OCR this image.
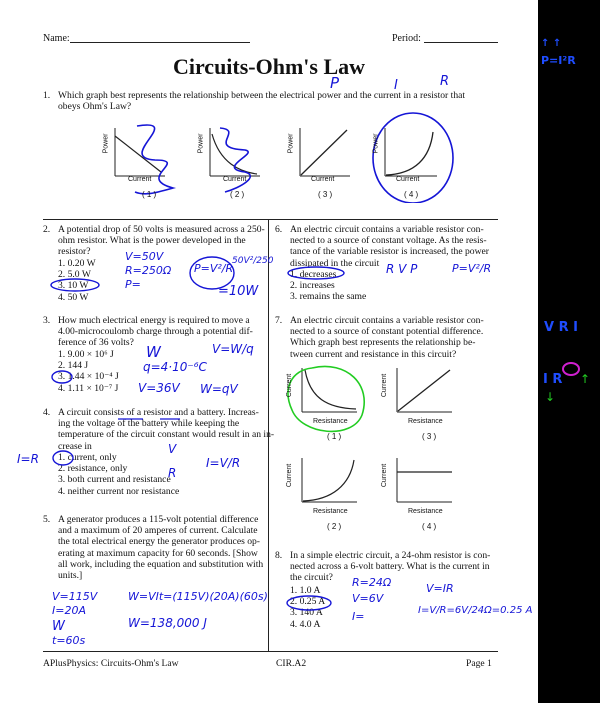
Name:	Period:
Circuits-Ohm's Law
1. Which graph best represents the relationship between the electrical power and the current in a resistor that
obeys Ohm's Law?
Power
Current
( 1 )
Power
Current
( 2 )
Power
Current
( 3 )
Power
Current
( 4 )
2. A potential drop of 50 volts is measured across a 250-
ohm resistor. What is the power developed in the
resistor?
1. 0.20 W
2. 5.0 W
3. 10 W
4. 50 W
3. How much electrical energy is required to move a
4.00-microcoulomb charge through a potential dif-
ference of 36 volts?
1. 9.00 × 10⁶ J
2. 144 J
3. 1.44 × 10⁻⁴ J
4. 1.11 × 10⁻⁷ J
4. A circuit consists of a resistor and a battery. Increas-
ing the voltage of the battery while keeping the
temperature of the circuit constant would result in an in-
crease in
1. current, only
2. resistance, only
3. both current and resistance
4. neither current nor resistance
5. A generator produces a 115-volt potential difference
and a maximum of 20 amperes of current. Calculate
the total electrical energy the generator produces op-
erating at maximum capacity for 60 seconds. [Show
all work, including the equation and substitution with
units.]
6. An electric circuit contains a variable resistor con-
nected to a source of constant voltage. As the resis-
tance of the variable resistor is increased, the power
dissipated in the circuit
1. decreases
2. increases
3. remains the same
7. An electric circuit contains a variable resistor con-
nected to a source of constant potential difference.
Which graph best represents the relationship be-
tween current and resistance in this circuit?
Current
Resistance
( 1 )
Current
Resistance
( 3 )
Current
Resistance
( 2 )
Current
Resistance
( 4 )
8. In a simple electric circuit, a 24-ohm resistor is con-
nected across a 6-volt battery. What is the current in
the circuit?
1. 1.0 A
2. 0.25 A
3. 140 A
4. 4.0 A
APlusPhysics: Circuits-Ohm's Law	CIR.A2	Page 1
P	I	R
V=50V
R=250Ω
P=
P=V²/R
50V²/250
=10W
W
q=4·10⁻⁶C
V=36V
V=W/q
W=qV
I=R
V
R
I=V/R
V=115V
I=20A
W
t=60s
W=VIt=(115V)(20A)(60s)
W=138,000 J
R V P	P=V²/R
R=24Ω
V=6V
I=
V=IR
I=V/R=6V/24Ω=0.25 A
↑ ↑
P=I²R
V R I
I R
↓
↑
